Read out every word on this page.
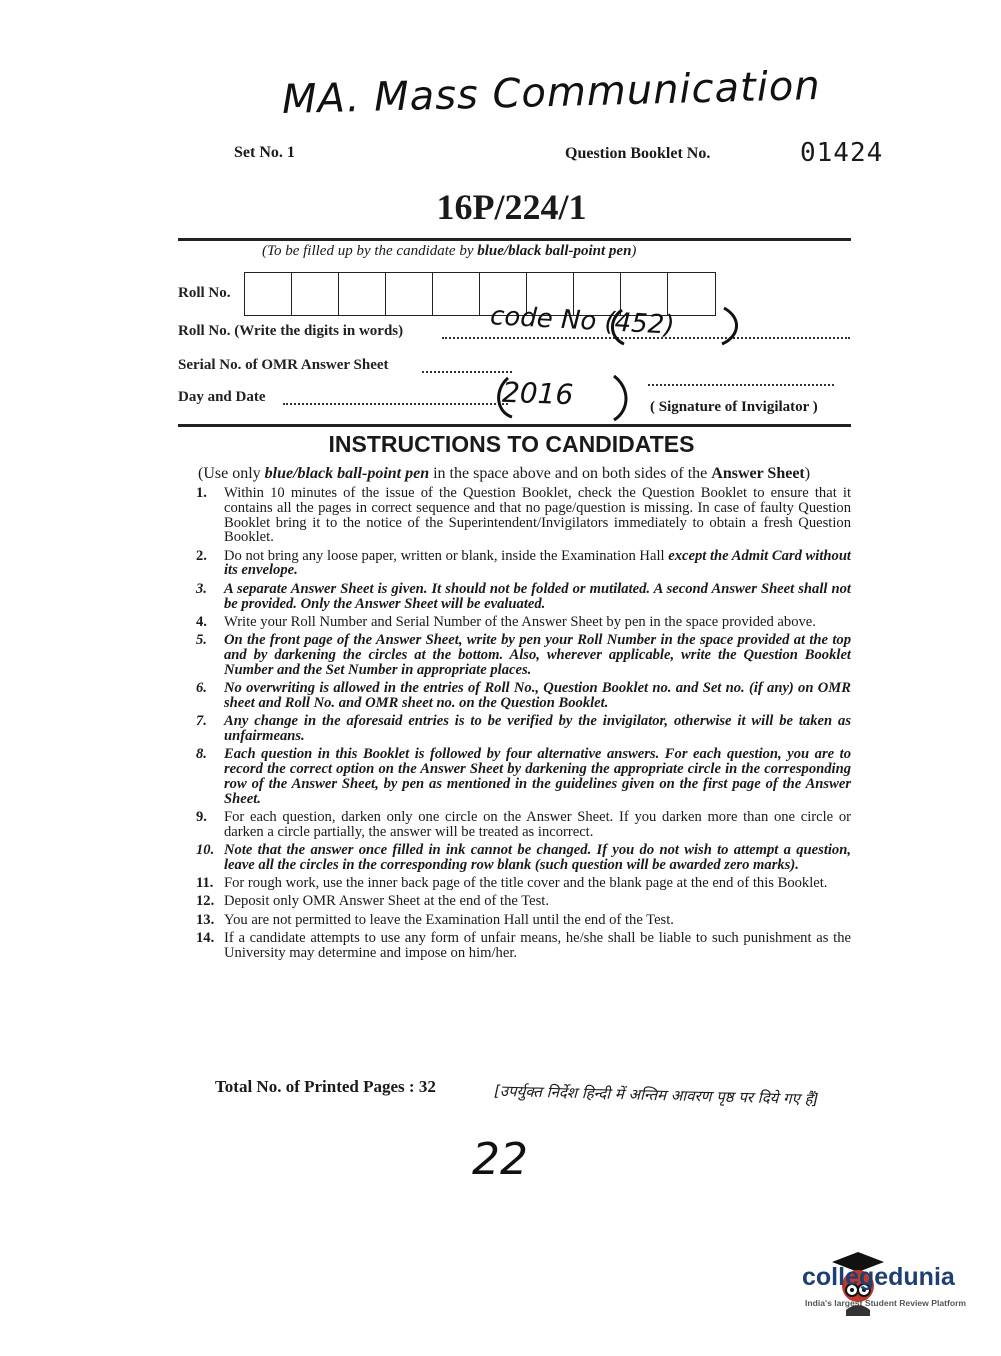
MA. Mass Communication
Set No. 1	Question Booklet No.	01424
16P/224/1
(To be filled up by the candidate by blue/black ball-point pen)
Roll No.
Roll No. (Write the digits in words)	code No (452)
Serial No. of OMR Answer Sheet
Day and Date	2016	( Signature of Invigilator )
INSTRUCTIONS TO CANDIDATES
(Use only blue/black ball-point pen in the space above and on both sides of the Answer Sheet)
1. Within 10 minutes of the issue of the Question Booklet, check the Question Booklet to ensure that it contains all the pages in correct sequence and that no page/question is missing. In case of faulty Question Booklet bring it to the notice of the Superintendent/Invigilators immediately to obtain a fresh Question Booklet.
2. Do not bring any loose paper, written or blank, inside the Examination Hall except the Admit Card without its envelope.
3. A separate Answer Sheet is given. It should not be folded or mutilated. A second Answer Sheet shall not be provided. Only the Answer Sheet will be evaluated.
4. Write your Roll Number and Serial Number of the Answer Sheet by pen in the space provided above.
5. On the front page of the Answer Sheet, write by pen your Roll Number in the space provided at the top and by darkening the circles at the bottom. Also, wherever applicable, write the Question Booklet Number and the Set Number in appropriate places.
6. No overwriting is allowed in the entries of Roll No., Question Booklet no. and Set no. (if any) on OMR sheet and Roll No. and OMR sheet no. on the Question Booklet.
7. Any change in the aforesaid entries is to be verified by the invigilator, otherwise it will be taken as unfairmeans.
8. Each question in this Booklet is followed by four alternative answers. For each question, you are to record the correct option on the Answer Sheet by darkening the appropriate circle in the corresponding row of the Answer Sheet, by pen as mentioned in the guidelines given on the first page of the Answer Sheet.
9. For each question, darken only one circle on the Answer Sheet. If you darken more than one circle or darken a circle partially, the answer will be treated as incorrect.
10. Note that the answer once filled in ink cannot be changed. If you do not wish to attempt a question, leave all the circles in the corresponding row blank (such question will be awarded zero marks).
11. For rough work, use the inner back page of the title cover and the blank page at the end of this Booklet.
12. Deposit only OMR Answer Sheet at the end of the Test.
13. You are not permitted to leave the Examination Hall until the end of the Test.
14. If a candidate attempts to use any form of unfair means, he/she shall be liable to such punishment as the University may determine and impose on him/her.
Total No. of Printed Pages : 32	[उपर्युक्त निर्देश हिन्दी में अन्तिम आवरण पृष्ठ पर दिये गए हैं]
22
collegedunia
India's largest Student Review Platform
